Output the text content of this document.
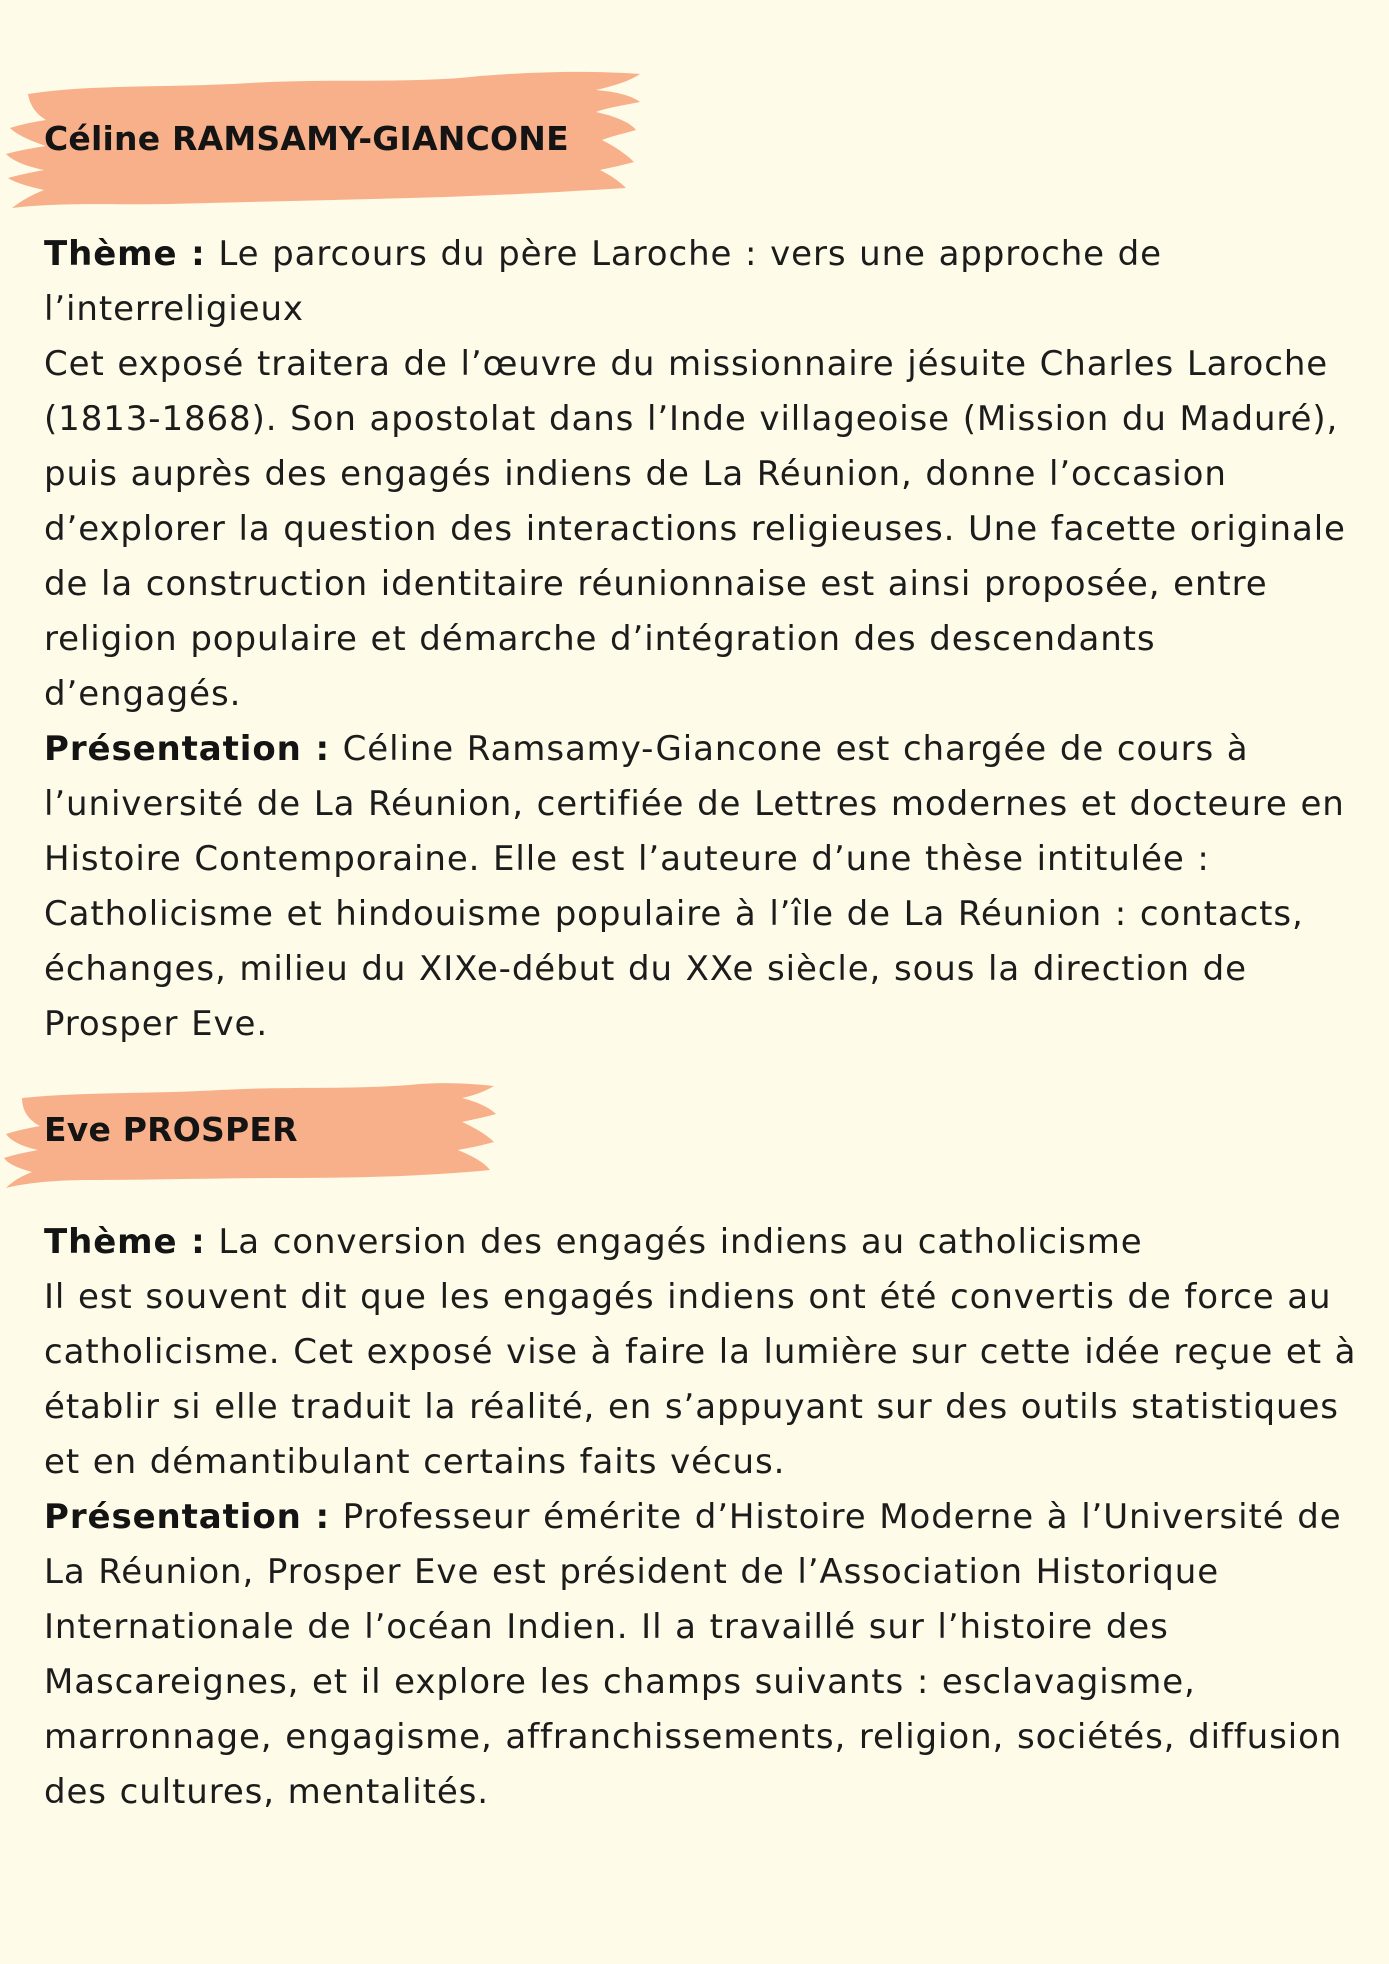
Céline RAMSAMY-GIANCONE

Thème : Le parcours du père Laroche : vers une approche de l’interreligieux

Cet exposé traitera de l’œuvre du missionnaire jésuite Charles Laroche (1813-1868). Son apostolat dans l’Inde villageoise (Mission du Maduré), puis auprès des engagés indiens de La Réunion, donne l’occasion d’explorer la question des interactions religieuses. Une facette originale de la construction identitaire réunionnaise est ainsi proposée, entre religion populaire et démarche d’intégration des descendants d’engagés.

Présentation : Céline Ramsamy-Giancone est chargée de cours à l’université de La Réunion, certifiée de Lettres modernes et docteure en Histoire Contemporaine. Elle est l’auteure d’une thèse intitulée : Catholicisme et hindouisme populaire à l’île de La Réunion : contacts, échanges, milieu du XIXe-début du XXe siècle, sous la direction de Prosper Eve.

Eve PROSPER

Thème : La conversion des engagés indiens au catholicisme

Il est souvent dit que les engagés indiens ont été convertis de force au catholicisme. Cet exposé vise à faire la lumière sur cette idée reçue et à établir si elle traduit la réalité, en s’appuyant sur des outils statistiques et en démantibulant certains faits vécus.

Présentation : Professeur émérite d’Histoire Moderne à l’Université de La Réunion, Prosper Eve est président de l’Association Historique Internationale de l’océan Indien. Il a travaillé sur l’histoire des Mascareignes, et il explore les champs suivants : esclavagisme, marronnage, engagisme, affranchissements, religion, sociétés, diffusion des cultures, mentalités.
